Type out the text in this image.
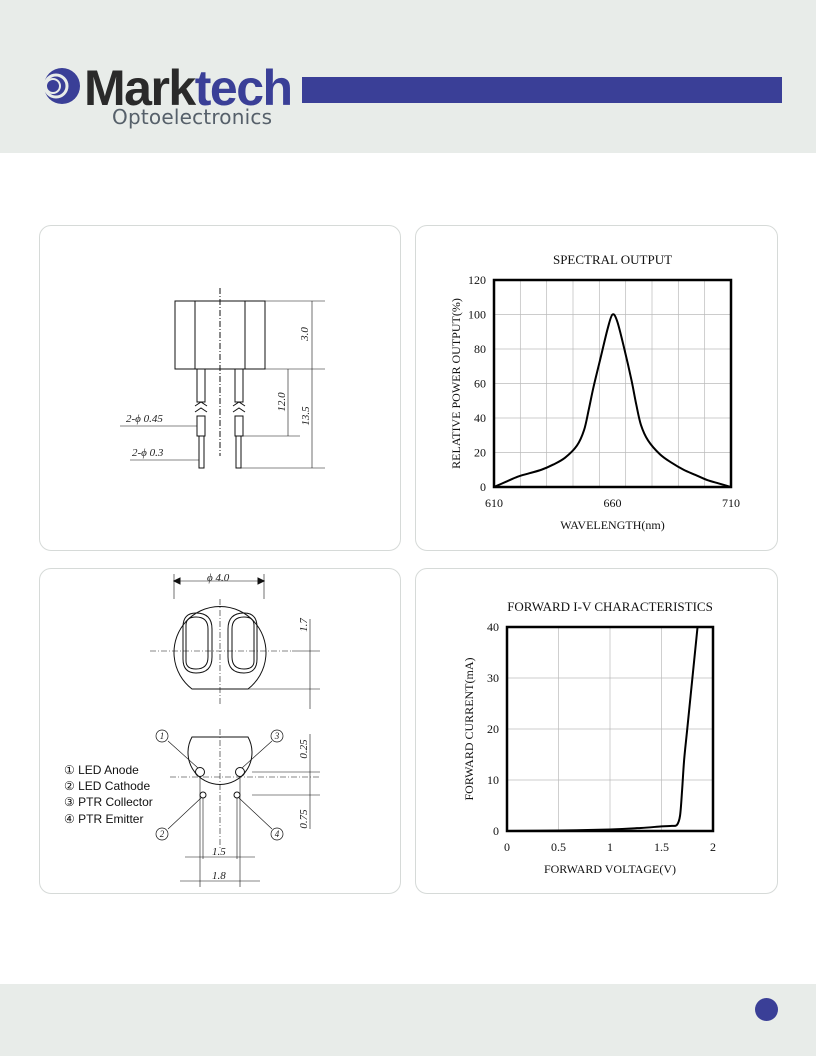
Marktech
Optoelectronics
3.0
12.0
13.5
2-ϕ 0.45
2-ϕ 0.3
SPECTRAL OUTPUT
0
20
40
60
80
100
120
610	660	710
WAVELENGTH(nm)
RELATIVE POWER OUTPUT(%)
ϕ 4.0
1.7
0.25
0.75
1.5
1.8
1	3
2	4
① LED Anode
② LED Cathode
③ PTR Collector
④ PTR Emitter
FORWARD I-V CHARACTERISTICS
0
10
20
30
40
0	0.5	1	1.5	2
FORWARD VOLTAGE(V)
FORWARD CURRENT(mA)
